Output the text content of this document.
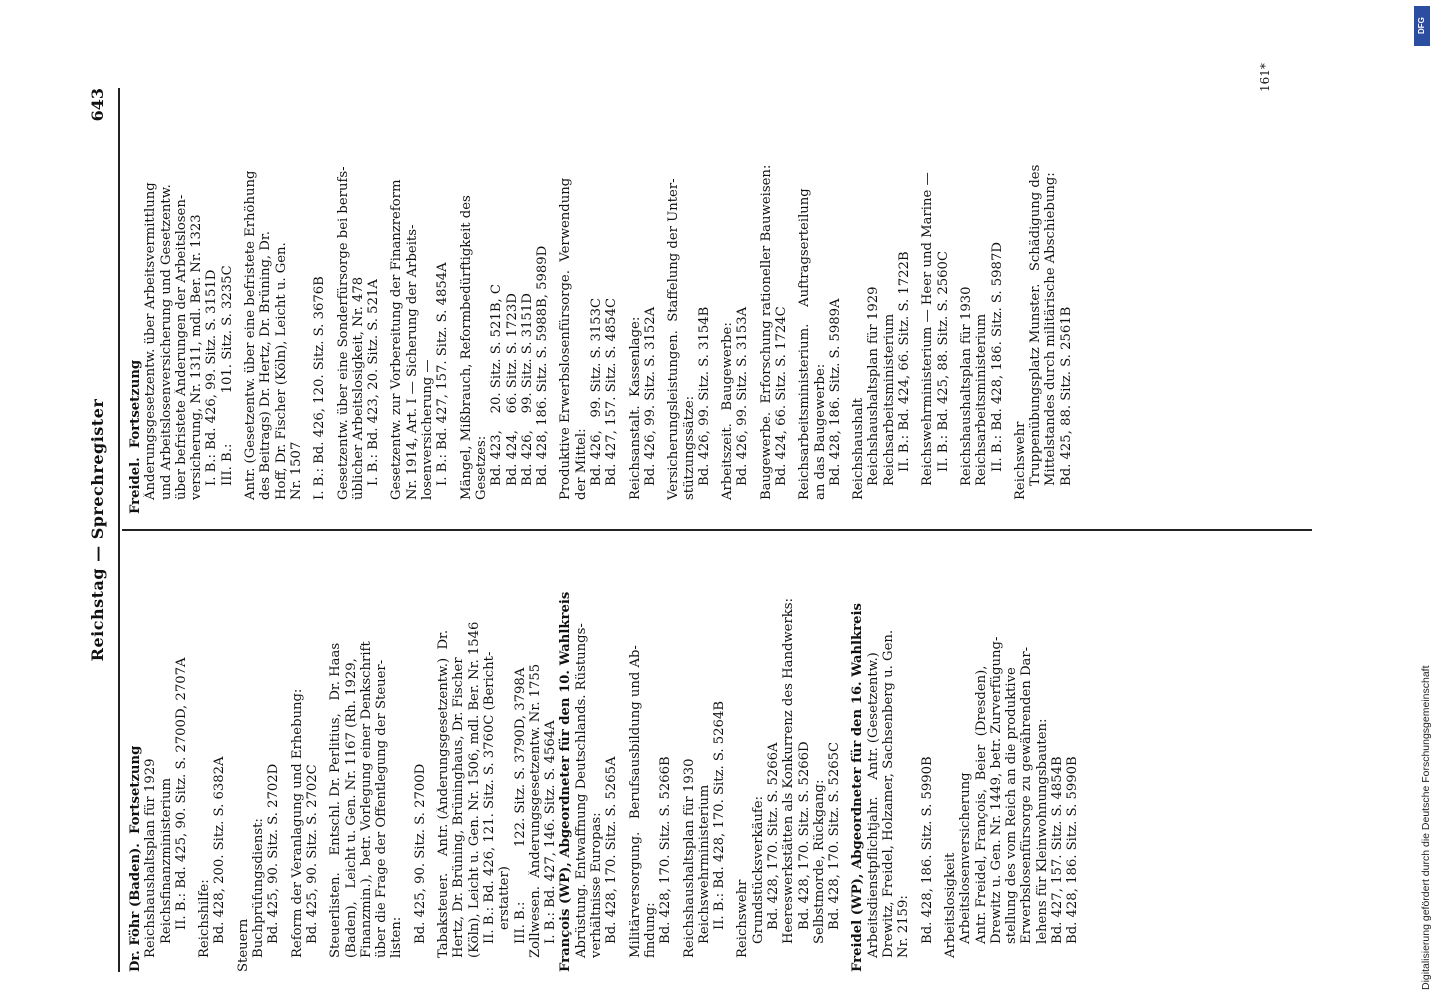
Reichstag — Sprechregister
643
Dr. Föhr (Baden).  Fortsetzung Reichshaushaltsplan für 1929 Reichsfinanzministerium II. B.: Bd. 425, 90. Sitz. S. 2700D, 2707A Reichshilfe: Bd. 428, 200. Sitz. S. 6382A
Steuern Buchprüfungsdienst: Bd. 425, 90. Sitz. S. 2702D Reform der Veranlagung und Erhebung: Bd. 425, 90. Sitz. S. 2702C Steuerlisten.    Entschl. Dr. Perlitius,   Dr. Haas (Baden),   Leicht u. Gen. Nr. 1167 (Rh. 1929, Finanzmin.),  betr. Vorlegung einer Denkschrift über die Frage der Öffentlegung der Steuer- listen: Bd. 425, 90. Sitz. S. 2700D Tabaksteuer.    Antr. (Änderungsgesetzentw.)  Dr. Hertz, Dr. Brüning, Brüninghaus, Dr. Fischer (Köln), Leicht u. Gen. Nr. 1506, mdl. Ber. Nr. 1546 II. B.: Bd. 426, 121. Sitz. S. 3760C (Bericht- erstatter) III. B.:             122. Sitz. S. 3790D, 3798A Zollwesen.  Änderungsgesetzentw. Nr. 1755 I. B.: Bd. 427, 146. Sitz. S. 4564A François (WP), Abgeordneter für den 10. Wahlkreis Abrüstung. Entwaffnung Deutschlands. Rüstungs- verhältnisse Europas: Bd. 428, 170. Sitz. S. 5265A Militärversorgung.   Berufsausbildung und Ab- findung: Bd. 428, 170. Sitz. S. 5266B Reichshaushaltsplan für 1930 Reichswehrministerium II. B.: Bd. 428, 170. Sitz. S. 5264B Reichswehr Grundstücksverkäufe: Bd. 428, 170. Sitz. S. 5266A Heereswerkstätten als Konkurrenz des Handwerks: Bd. 428, 170. Sitz. S. 5266D Selbstmorde, Rückgang: Bd. 428, 170. Sitz. S. 5265C Freidel (WP), Abgeordneter für den 16. Wahlkreis Arbeitsdienstpflichtjahr.    Antr. (Gesetzentw.) Drewitz, Freidel, Holzamer, Sachsenberg u. Gen. Nr. 2159: Bd. 428, 186. Sitz. S. 5990B Arbeitslosigkeit Arbeitslosenversicherung Antr. Freidel, François,  Beier  (Dresden), Drewitz u. Gen. Nr. 1449, betr. Zurverfügung- stellung des vom Reich an die produktive Erwerbslosenfürsorge zu gewährenden Dar- lehens für Kleinwohnungsbauten: Bd. 427, 157. Sitz. S. 4854B Bd. 428, 186. Sitz. S. 5990B
Freidel.  Fortsetzung Änderungsgesetzentw. über Arbeitsvermittlung und Arbeitslosenversicherung und Gesetzentw. über befristete Änderungen der Arbeitslosen- versicherung, Nr. 1311, mdl. Ber. Nr. 1323 I. B.: Bd. 426, 99. Sitz. S. 3151D III. B.:            101. Sitz. S. 3235C Antr. (Gesetzentw. über eine befristete Erhöhung des Beitrags) Dr. Hertz, Dr. Brüning, Dr. Hoff, Dr. Fischer (Köln), Leicht u. Gen. Nr. 1507 I. B.: Bd. 426, 120. Sitz. S. 3676B Gesetzentw. über eine Sonderfürsorge bei berufs- üblicher Arbeitslosigkeit, Nr. 478 I. B.: Bd. 423, 20. Sitz. S. 521A Gesetzentw. zur Vorbereitung der Finanzreform Nr. 1914, Art. I — Sicherung der Arbeits- losenversicherung — I. B.: Bd. 427, 157. Sitz. S. 4854A Mängel, Mißbrauch, Reformbedürftigkeit des Gesetzes: Bd. 423,    20. Sitz. S. 521B, C Bd. 424,    66. Sitz. S. 1723D Bd. 426,    99. Sitz. S. 3151D Bd. 428, 186. Sitz. S. 5988B, 5989D Produktive Erwerbslosenfürsorge.  Verwendung der Mittel: Bd. 426,   99. Sitz. S. 3153C Bd. 427, 157. Sitz. S. 4854C Reichsanstalt.  Kassenlage: Bd. 426, 99. Sitz. S. 3152A Versicherungsleistungen.  Staffelung der Unter- stützungssätze: Bd. 426, 99. Sitz. S. 3154B Arbeitszeit.   Baugewerbe: Bd. 426, 99. Sitz. S. 3153A Baugewerbe.  Erforschung rationeller Bauweisen: Bd. 424, 66. Sitz. S. 1724C Reichsarbeitsministerium.    Auftragserteilung an das Baugewerbe: Bd. 428, 186. Sitz. S. 5989A Reichshaushalt Reichshaushaltsplan für 1929 Reichsarbeitsministerium II. B.: Bd. 424, 66. Sitz. S. 1722B Reichswehrministerium — Heer und Marine — II. B.: Bd. 425, 88. Sitz. S. 2560C Reichshaushaltsplan für 1930 Reichsarbeitsministerium II. B.: Bd. 428, 186. Sitz. S. 5987D Reichswehr Truppenübungsplatz Munster.   Schädigung des Mittelstandes durch militärische Abschiebung: Bd. 425, 88. Sitz. S. 2561B
161*
DFG
Digitalisierung gefördert durch die Deutsche Forschungsgemeinschaft
